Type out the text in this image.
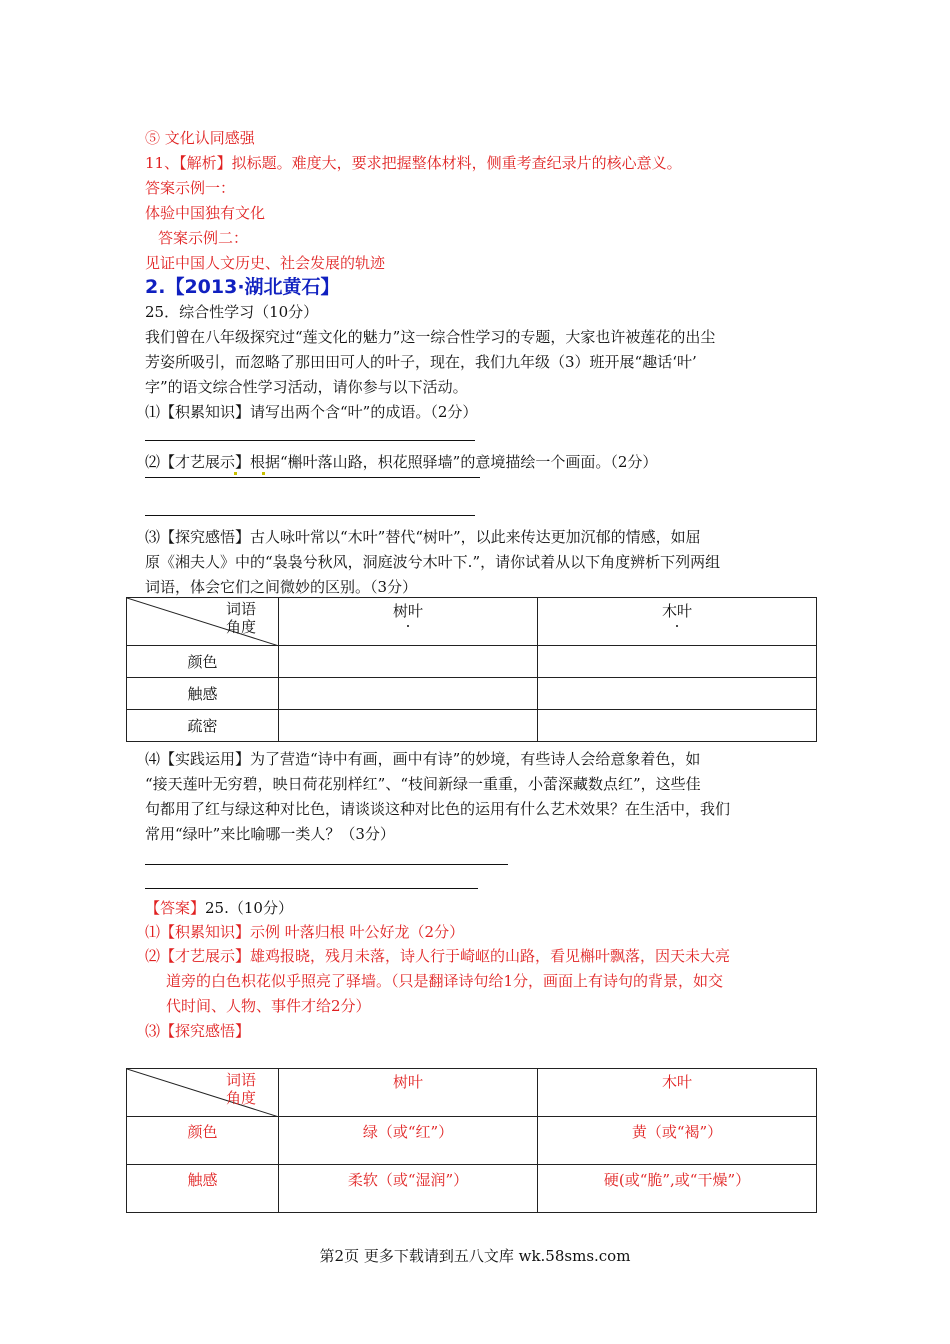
⑤ 文化认同感强
11、【解析】拟标题。难度大，要求把握整体材料，侧重考查纪录片的核心意义。
答案示例一：
体验中国独有文化
答案示例二：
见证中国人文历史、社会发展的轨迹
2.【2013·湖北黄石】
25．综合性学习（10分）
我们曾在八年级探究过“莲文化的魅力”这一综合性学习的专题，大家也许被莲花的出尘
芳姿所吸引，而忽略了那田田可人的叶子，现在，我们九年级（3）班开展“趣话‘叶’
字”的语文综合性学习活动，请你参与以下活动。
⑴【积累知识】请写出两个含“叶”的成语。（2分）
⑵【才艺展示】根据“槲叶落山路，枳花照驿墙”的意境描绘一个画面。（2分）
⑶【探究感悟】古人咏叶常以“木叶”替代“树叶”，以此来传达更加沉郁的情感，如屈
原《湘夫人》中的“袅袅兮秋风，洞庭波兮木叶下.”，请你试着从以下角度辨析下列两组
词语，体会它们之间微妙的区别。（3分）
词语
角度	树叶	木叶
颜色		
触感		
疏密		
⑷【实践运用】为了营造“诗中有画，画中有诗”的妙境，有些诗人会给意象着色，如
“接天莲叶无穷碧，映日荷花别样红”、“枝间新绿一重重，小蕾深藏数点红”，这些佳
句都用了红与绿这种对比色，请谈谈这种对比色的运用有什么艺术效果？在生活中，我们
常用“绿叶”来比喻哪一类人？（3分）
【答案】25.（10分）
⑴【积累知识】示例 叶落归根 叶公好龙（2分）
⑵【才艺展示】雄鸡报晓，残月未落，诗人行于崎岖的山路，看见槲叶飘落，因天未大亮
道旁的白色枳花似乎照亮了驿墙。（只是翻译诗句给1分，画面上有诗句的背景，如交
代时间、人物、事件才给2分）
⑶【探究感悟】
词语
角度	树叶	木叶
颜色	绿（或“红”）	黄（或“褐”）
触感	柔软（或“湿润”）	硬(或“脆”,或“干燥”）
第2页 更多下载请到五八文库 wk.58sms.com
